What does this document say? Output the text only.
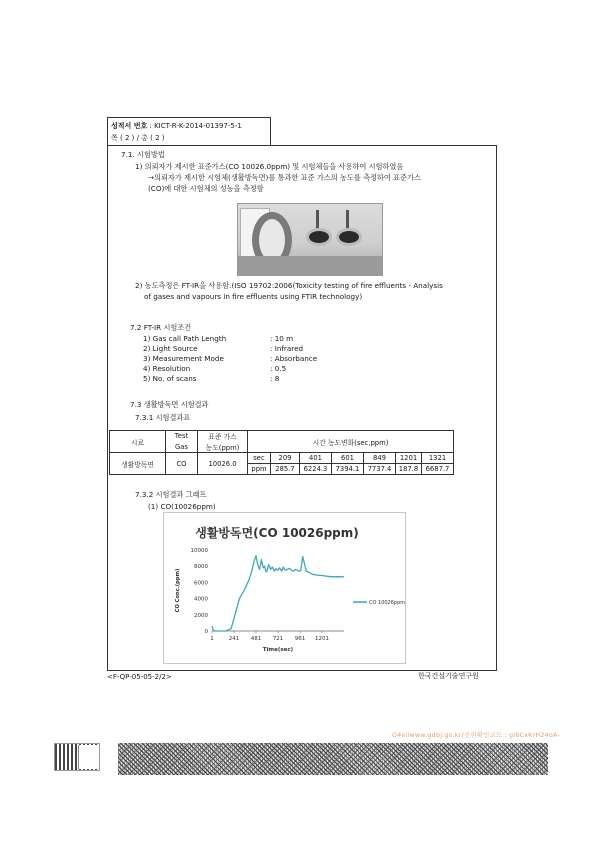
성적서 번호 : KICT-R-K-2014-01397-5-1
쪽 ( 2 ) / 총 ( 2 )
7.1. 시험방법
1) 의뢰자가 제시한 표준가스(CO 10026.0ppm) 및 시험체들을 사용하여 시험하였음
→의뢰자가 제시한 시험체(생활방독면)를 통과한 표준 가스의 농도를 측정하여 표준가스
(CO)에 대한 시험체의 성능을 측정함
2) 농도측정은 FT-IR을 사용함.(ISO 19702:2006(Toxicity testing of fire effluents - Analysis
of gases and vapours in fire effluents using FTIR technology)
7.2 FT-IR 시험조건
1) Gas call Path Length	: 10 m
2) Light Source	: Infrared
3) Measurement Mode	: Absorbance
4) Resolution	: 0.5
5) No. of scans	: 8
7.3 생활방독면 시험결과
7.3.1 시험결과표
시료	Test	표준 가스	시간 농도변화(sec,ppm)						
	Gas	농도(ppm)							
생활방독면	CO	10026.0	sec	209	401	601	849	1201	1321
			ppm	285.7	6224.3	7394.1	7737.4	187.8	6687.7
7.3.2 시험결과 그래프
(1) CO(10026ppm)
생활방독면(CO 10026ppm)
0
2000
4000
6000
8000
10000
1	241 481 721 961 1201
Time(sec)
CO Conc.(ppm)	CO 10026ppm
<F-QP-05-05-2/2>	한국건설기술연구원
G4ellwww.gdbj.go.kr/진위확인코드 : gi6CxKrH24oA-
